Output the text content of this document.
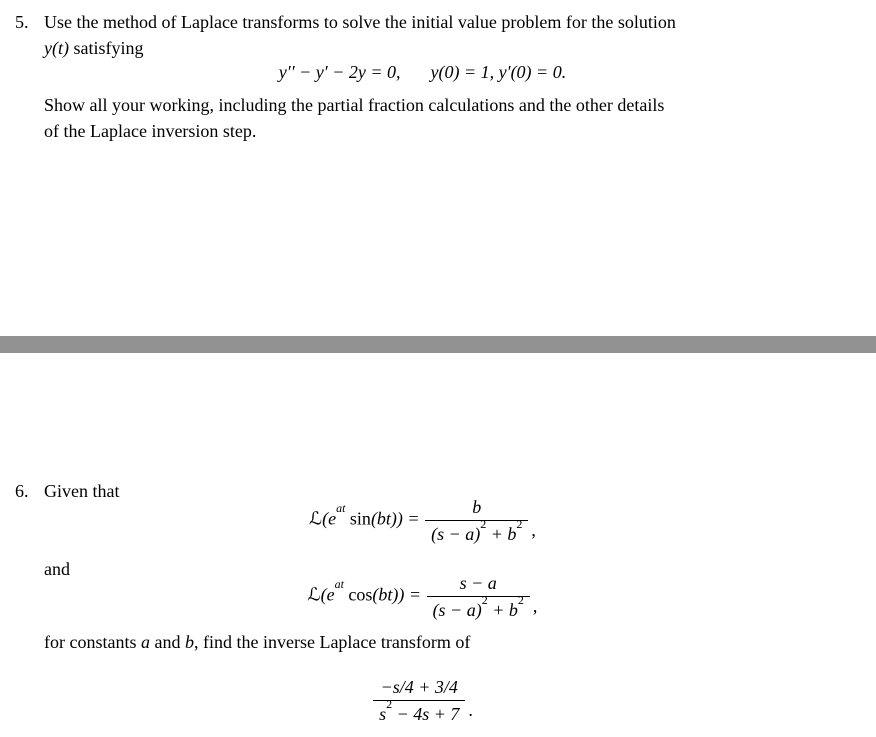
5. Use the method of Laplace transforms to solve the initial value problem for the solution
y(t) satisfying
y′′ − y′ − 2y = 0, y(0) = 1, y′(0) = 0.
Show all your working, including the partial fraction calculations and the other details
of the Laplace inversion step.
6. Given that
$ℒ(e^{at}$ $\sin(bt)) = \frac{b}{(s - a)^2 + b^2}$ ,
and
$ℒ(e^{at}$ $\cos(bt)) = \frac{s - a}{(s - a)^2 + b^2}$ ,
for constants a and b, find the inverse Laplace transform of
$\frac{-s/4 + 3/4}{s^2 - 4s + 7}$ .
